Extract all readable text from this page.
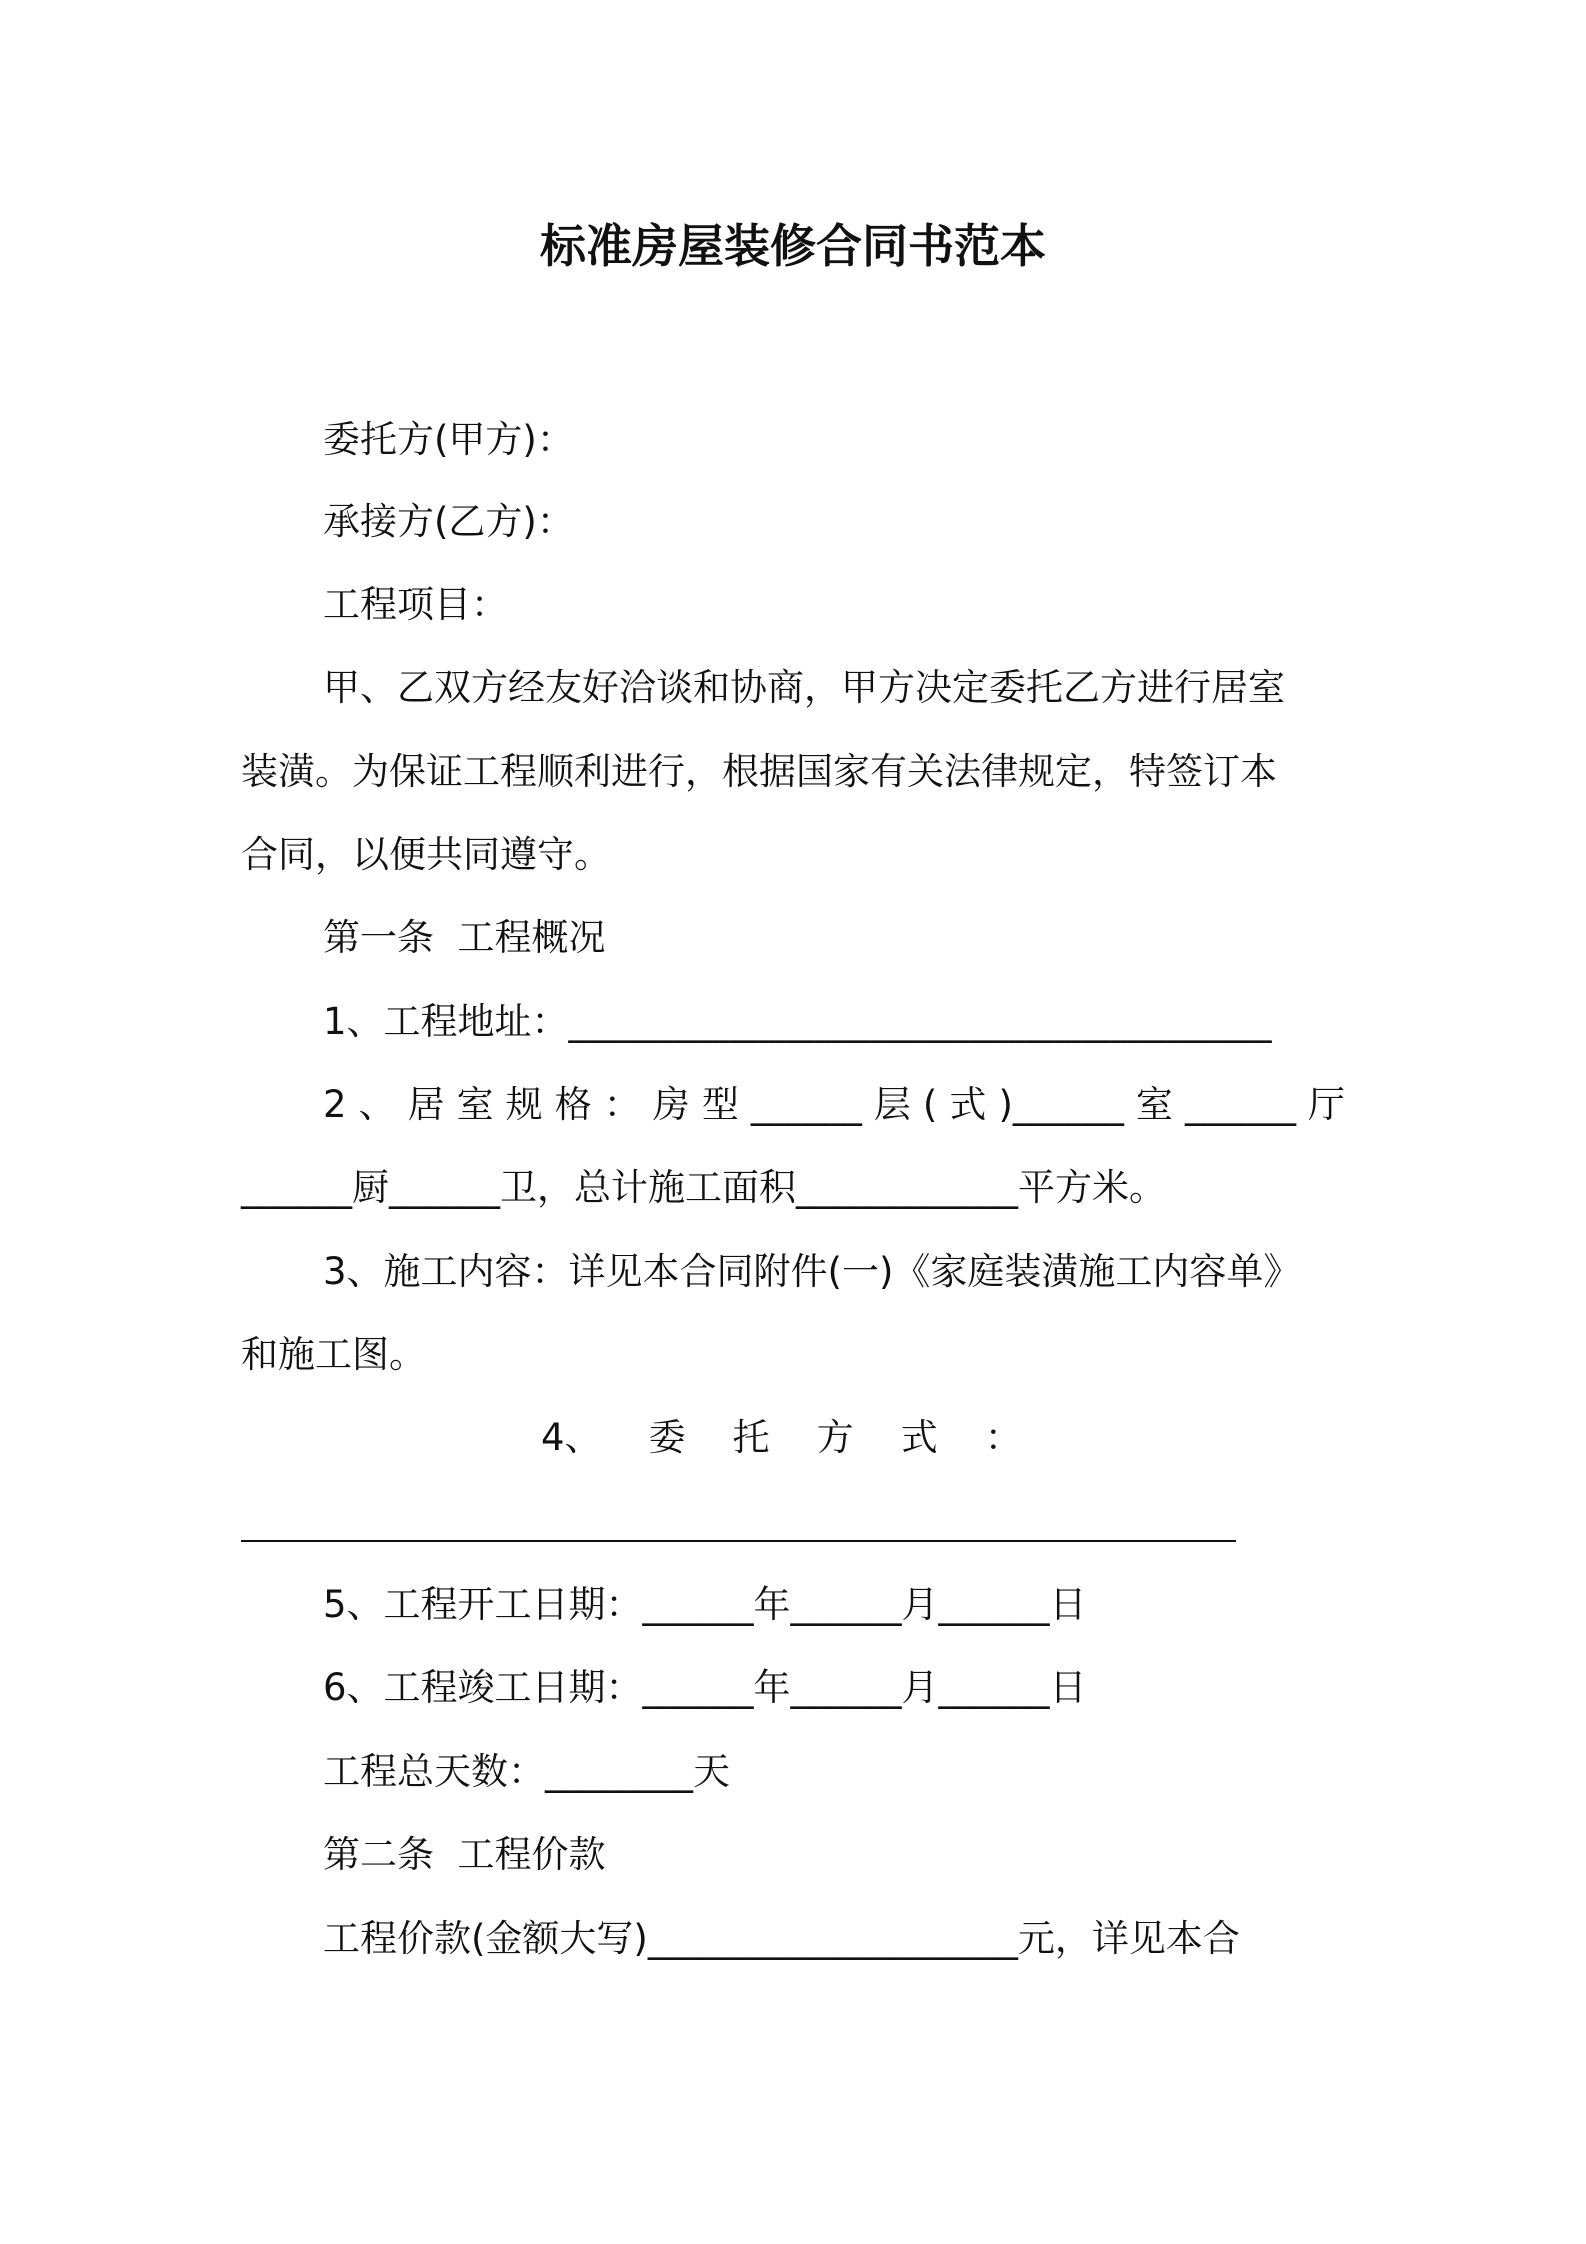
标准房屋装修合同书范本

委托方(甲方)：

承接方(乙方)：

工程项目：

甲、乙双方经友好洽谈和协商，甲方决定委托乙方进行居室

装潢。为保证工程顺利进行，根据国家有关法律规定，特签订本

合同，以便共同遵守。

第一条  工程概况

1、工程地址：______________________________________

2、居室规格：房型______层(式)______室______厅

______厨______卫，总计施工面积____________平方米。

3、施工内容：详见本合同附件(一)《家庭装潢施工内容单》

和施工图。

4、    委    托    方    式    ：

5、工程开工日期：______年______月______日

6、工程竣工日期：______年______月______日

工程总天数：________天

第二条  工程价款

工程价款(金额大写)____________________元，详见本合
